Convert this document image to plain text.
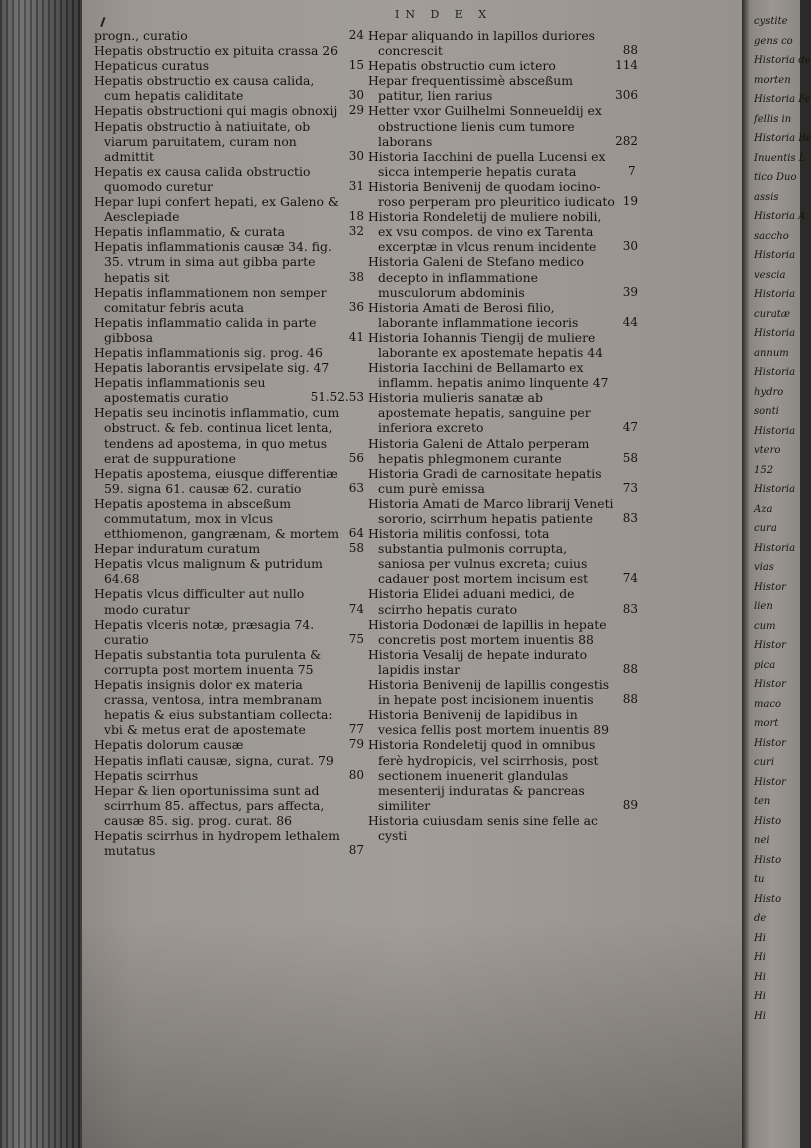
IN D E X

progn., curatio	24

Hepatis obstructio ex pituita crassa 26

Hepaticus curatus	15

Hepatis obstructio ex causa calida, cum hepatis caliditate	30

Hepatis obstructioni qui magis obnoxij 29

Hepatis obstructio à natiuitate, ob viarum paruitatem, curam non admittit	30

Hepatis ex causa calida obstructio quomodo curetur	31

Hepar lupi confert hepati, ex Galeno & Aesclepiade	18

Hepatis inflammatio, & curata	32

Hepatis inflammationis causæ 34. fig. 35. vtrum in sima aut gibba parte hepatis sit	38

Hepatis inflammationem non semper comitatur febris acuta	36

Hepatis inflammatio calida in parte gibbosa	41

Hepatis inflammationis sig. prog. 46

Hepatis laborantis ervsipelate sig. 47

Hepatis inflammationis seu apostematis curatio	51.52.53

Hepatis seu incinotis inflammatio, cum obstruct. & feb. continua licet lenta, tendens ad apostema, in quo metus erat de suppuratione	56

Hepatis apostema, eiusque differentiæ 59. signa 61. causæ 62. curatio	63

Hepatis apostema in absceßum commutatum, mox in vlcus etthiomenon, gangrænam, & mortem 64

Hepar induratum curatum	58

Hepatis vlcus malignum & putridum 64.68

Hepatis vlcus difficulter aut nullo modo curatur	74

Hepatis vlceris notæ, præsagia 74. curatio	75

Hepatis substantia tota purulenta & corrupta post mortem inuenta 75

Hepatis insignis dolor ex materia crassa, ventosa, intra membranam hepatis & eius substantiam collecta: vbi & metus erat de apostemate	77

Hepatis dolorum causæ	79

Hepatis inflati causæ, signa, curat. 79

Hepatis scirrhus	80

Hepar & lien oportunissima sunt ad scirrhum 85. affectus, pars affecta, causæ 85. sig. prog. curat. 86

Hepatis scirrhus in hydropem lethalem mutatus	87

Hepar aliquando in lapillos duriores concrescit	88

Hepatis obstructio cum ictero	114

Hepar frequentissimè absceßum patitur, lien rarius	306

Hetter vxor Guilhelmi Sonneueldij ex obstructione lienis cum tumore laborans	282

Historia Iacchini de puella Lucensi ex sicca intemperie hepatis curata	7

Historia Benivenij de quodam iocino-roso perperam pro pleuritico iudicato 19

Historia Rondeletij de muliere nobili, ex vsu compos. de vino ex Tarenta excerptæ in vlcus renum incidente 30

Historia Galeni de Stefano medico decepto in inflammatione musculorum abdominis	39

Historia Amati de Berosi filio, laborante inflammatione iecoris	44

Historia Iohannis Tiengij de muliere laborante ex apostemate hepatis 44

Historia Iacchini de Bellamarto ex inflamm. hepatis animo linquente 47

Historia mulieris sanatæ ab apostemate hepatis, sanguine per inferiora excreto	47

Historia Galeni de Attalo perperam hepatis phlegmonem curante	58

Historia Gradi de carnositate hepatis cum purè emissa	73

Historia Amati de Marco librarij Veneti sororio, scirrhum hepatis patiente 83

Historia militis confossi, tota substantia pulmonis corrupta, saniosa per vulnus excreta; cuius cadauer post mortem incisum est	74

Historia Elidei aduani medici, de scirrho hepatis curato	83

Historia Dodonæi de lapillis in hepate concretis post mortem inuentis 88

Historia Vesalij de hepate indurato lapidis instar	88

Historia Benivenij de lapillis congestis in hepate post incisionem inuentis 88

Historia Benivenij de lapidibus in vesica fellis post mortem inuentis 89

Historia Rondeletij quod in omnibus ferè hydropicis, vel scirrhosis, post sectionem inuenerit glandulas mesenterij induratas & pancreas similiter	89

Historia cuiusdam senis sine felle ac cysti

cystite
gens co
Historia de
morten
Historia Fe
fellis in
Historia Be
Inuentis L
tico Duo
assis
Historia A
saccho
Historia
vescia
Historia
curatæ
Historia
annum
Historia
hydro
sonti
Historia
vtero
152
Historia
Aza
cura
Historia
vias
Histor
lien
cum
Histor
pica
Histor
maco
mort
Histor
curi
Histor
ten
Histo
nei
Histo
tu
Histo
de
Hi
Hi
Hi
Hi
Hi
